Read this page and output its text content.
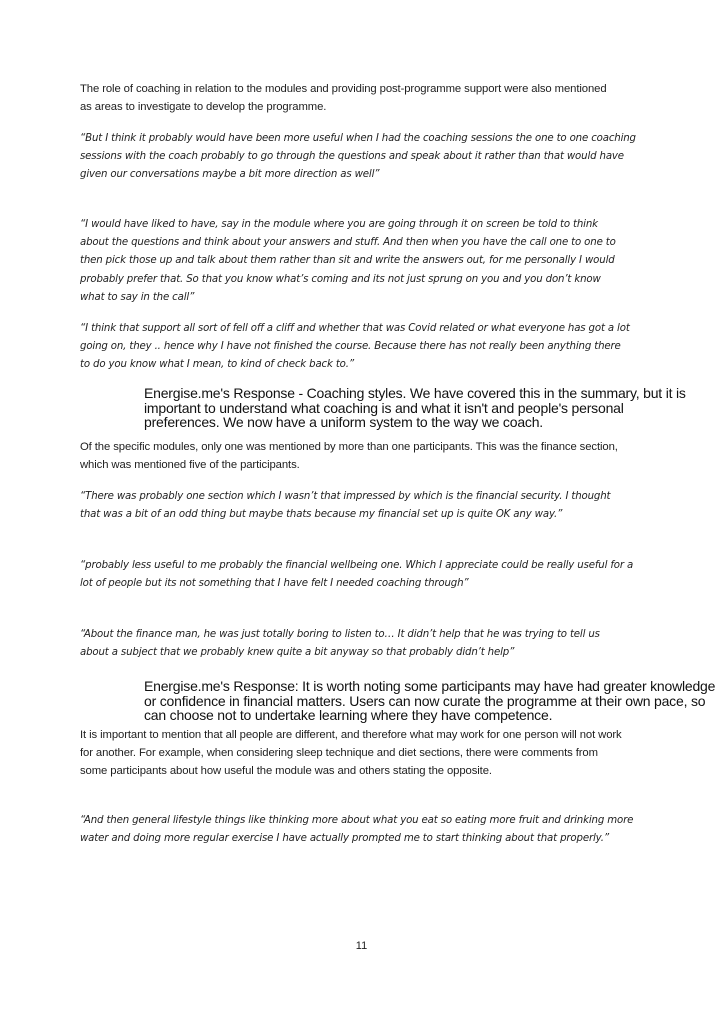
The role of coaching in relation to the modules and providing post-programme support were also mentioned as areas to investigate to develop the programme.

“But I think it probably would have been more useful when I had the coaching sessions the one to one coaching sessions with the coach probably to go through the questions and speak about it rather than that would have given our conversations maybe a bit more direction as well”

“I would have liked to have, say in the module where you are going through it on screen be told to think about the questions and think about your answers and stuff. And then when you have the call one to one to then pick those up and talk about them rather than sit and write the answers out, for me personally I would probably prefer that. So that you know what’s coming and its not just sprung on you and you don’t know what to say in the call”

“I think that support all sort of fell off a cliff and whether that was Covid related or what everyone has got a lot going on, they .. hence why I have not finished the course. Because there has not really been anything there to do you know what I mean, to kind of check back to.”

Energise.me's Response - Coaching styles. We have covered this in the summary, but it is important to understand what coaching is and what it isn't and people's personal preferences. We now have a uniform system to the way we coach.

Of the specific modules, only one was mentioned by more than one participants. This was the finance section, which was mentioned five of the participants.

“There was probably one section which I wasn’t that impressed by which is the financial security. I thought that was a bit of an odd thing but maybe thats because my financial set up is quite OK any way.”

“probably less useful to me probably the financial wellbeing one. Which I appreciate could be really useful for a lot of people but its not something that I have felt I needed coaching through”

“About the finance man, he was just totally boring to listen to… It didn’t help that he was trying to tell us about a subject that we probably knew quite a bit anyway so that probably didn’t help”

Energise.me's Response: It is worth noting some participants may have had greater knowledge or confidence in financial matters. Users can now curate the programme at their own pace, so can choose not to undertake learning where they have competence.

It is important to mention that all people are different, and therefore what may work for one person will not work for another. For example, when considering sleep technique and diet sections, there were comments from some participants about how useful the module was and others stating the opposite.

“And then general lifestyle things like thinking more about what you eat so eating more fruit and drinking more water and doing more regular exercise I have actually prompted me to start thinking about that properly.”

11
